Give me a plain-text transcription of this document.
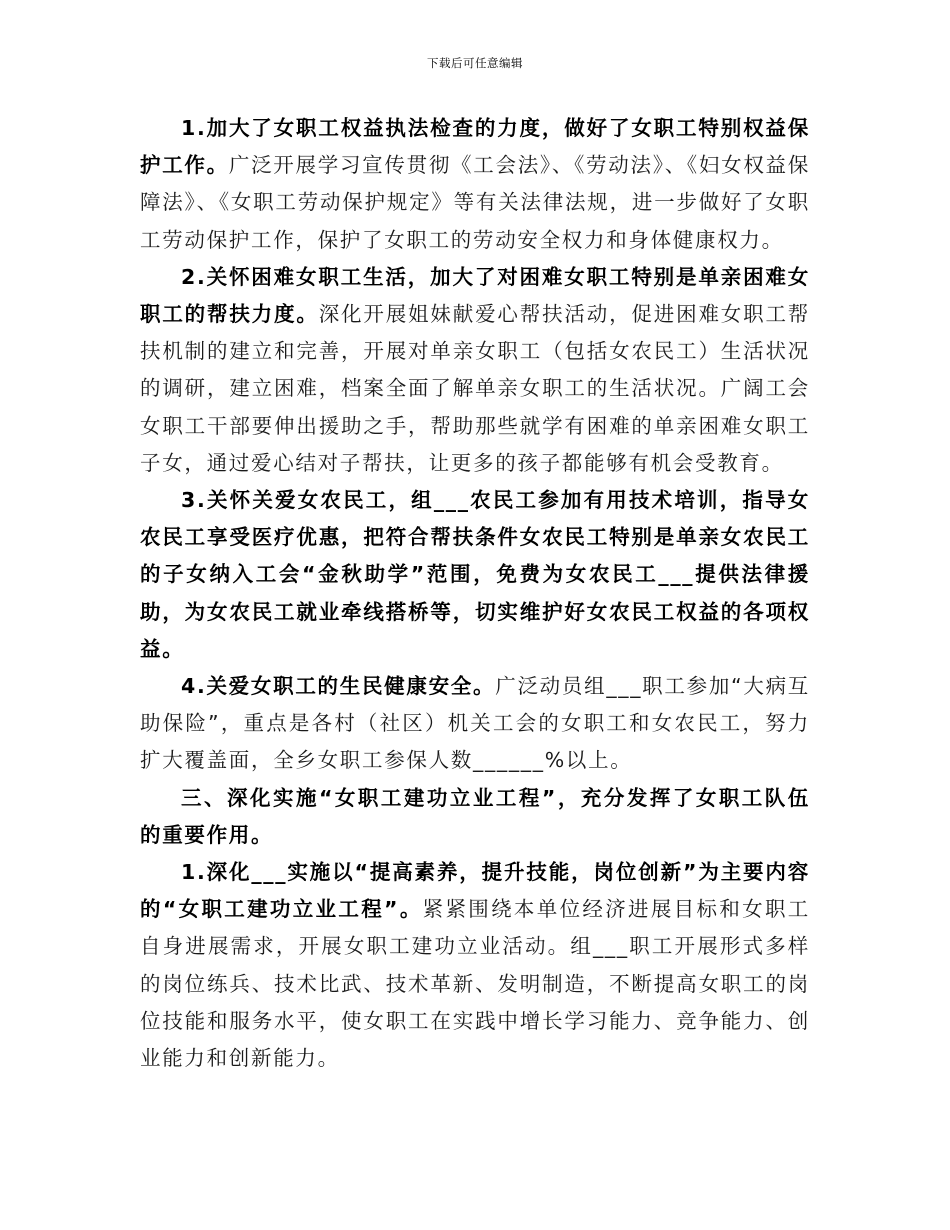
下载后可任意编辑

1.加大了女职工权益执法检查的力度，做好了女职工特别权益保护工作。广泛开展学习宣传贯彻《工会法》、《劳动法》、《妇女权益保障法》、《女职工劳动保护规定》等有关法律法规，进一步做好了女职工劳动保护工作，保护了女职工的劳动安全权力和身体健康权力。

2.关怀困难女职工生活，加大了对困难女职工特别是单亲困难女职工的帮扶力度。深化开展姐妹献爱心帮扶活动，促进困难女职工帮扶机制的建立和完善，开展对单亲女职工（包括女农民工）生活状况的调研，建立困难，档案全面了解单亲女职工的生活状况。广阔工会女职工干部要伸出援助之手，帮助那些就学有困难的单亲困难女职工子女，通过爱心结对子帮扶，让更多的孩子都能够有机会受教育。

3.关怀关爱女农民工，组___农民工参加有用技术培训，指导女农民工享受医疗优惠，把符合帮扶条件女农民工特别是单亲女农民工的子女纳入工会“金秋助学”范围，免费为女农民工___提供法律援助，为女农民工就业牵线搭桥等，切实维护好女农民工权益的各项权益。

4.关爱女职工的生民健康安全。广泛动员组___职工参加“大病互助保险”，重点是各村（社区）机关工会的女职工和女农民工，努力扩大覆盖面，全乡女职工参保人数______%以上。

三、深化实施“女职工建功立业工程”，充分发挥了女职工队伍的重要作用。

1.深化___实施以“提高素养，提升技能，岗位创新”为主要内容的“女职工建功立业工程”。紧紧围绕本单位经济进展目标和女职工自身进展需求，开展女职工建功立业活动。组___职工开展形式多样的岗位练兵、技术比武、技术革新、发明制造，不断提高女职工的岗位技能和服务水平，使女职工在实践中增长学习能力、竞争能力、创业能力和创新能力。
